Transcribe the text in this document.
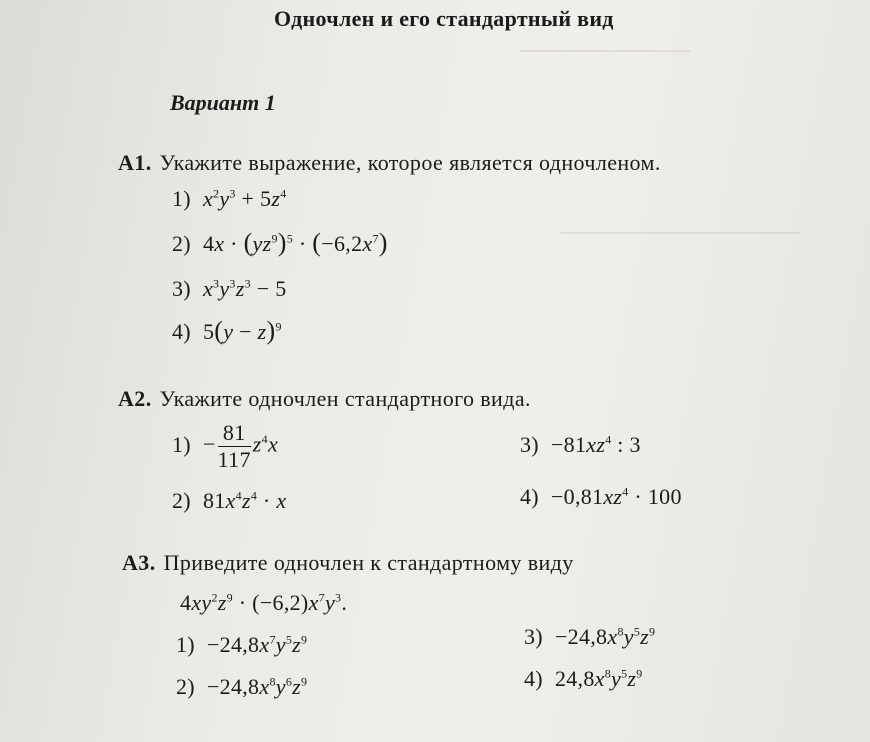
Одночлен и его стандартный вид
Вариант 1
А1. Укажите выражение, которое является одночленом.
1) $x^2y^3 + 5z^4$
2) $4x \cdot (yz^9)^5 \cdot (-6,2x^7)$
3) $x^3y^3z^3 - 5$
4) $5(y - z)^9$
А2. Укажите одночлен стандартного вида.
$1) - \frac{81}{117} z^4x$	$3) -81xz^4$ : 3
2) $81x^4z^4 \cdot x$	$4) -0,81xz^4 \cdot 100$
А3. Приведите одночлен к стандартному виду
$4xy^2z^9 \cdot (-6,2)x^7y^3$.
$1) -24,8x^7y^5z^9$	$3) -24,8x^8y^5z^9$
$2) -24,8x^8y^6z^9$	4) $24,8x^8y^5z^9$
